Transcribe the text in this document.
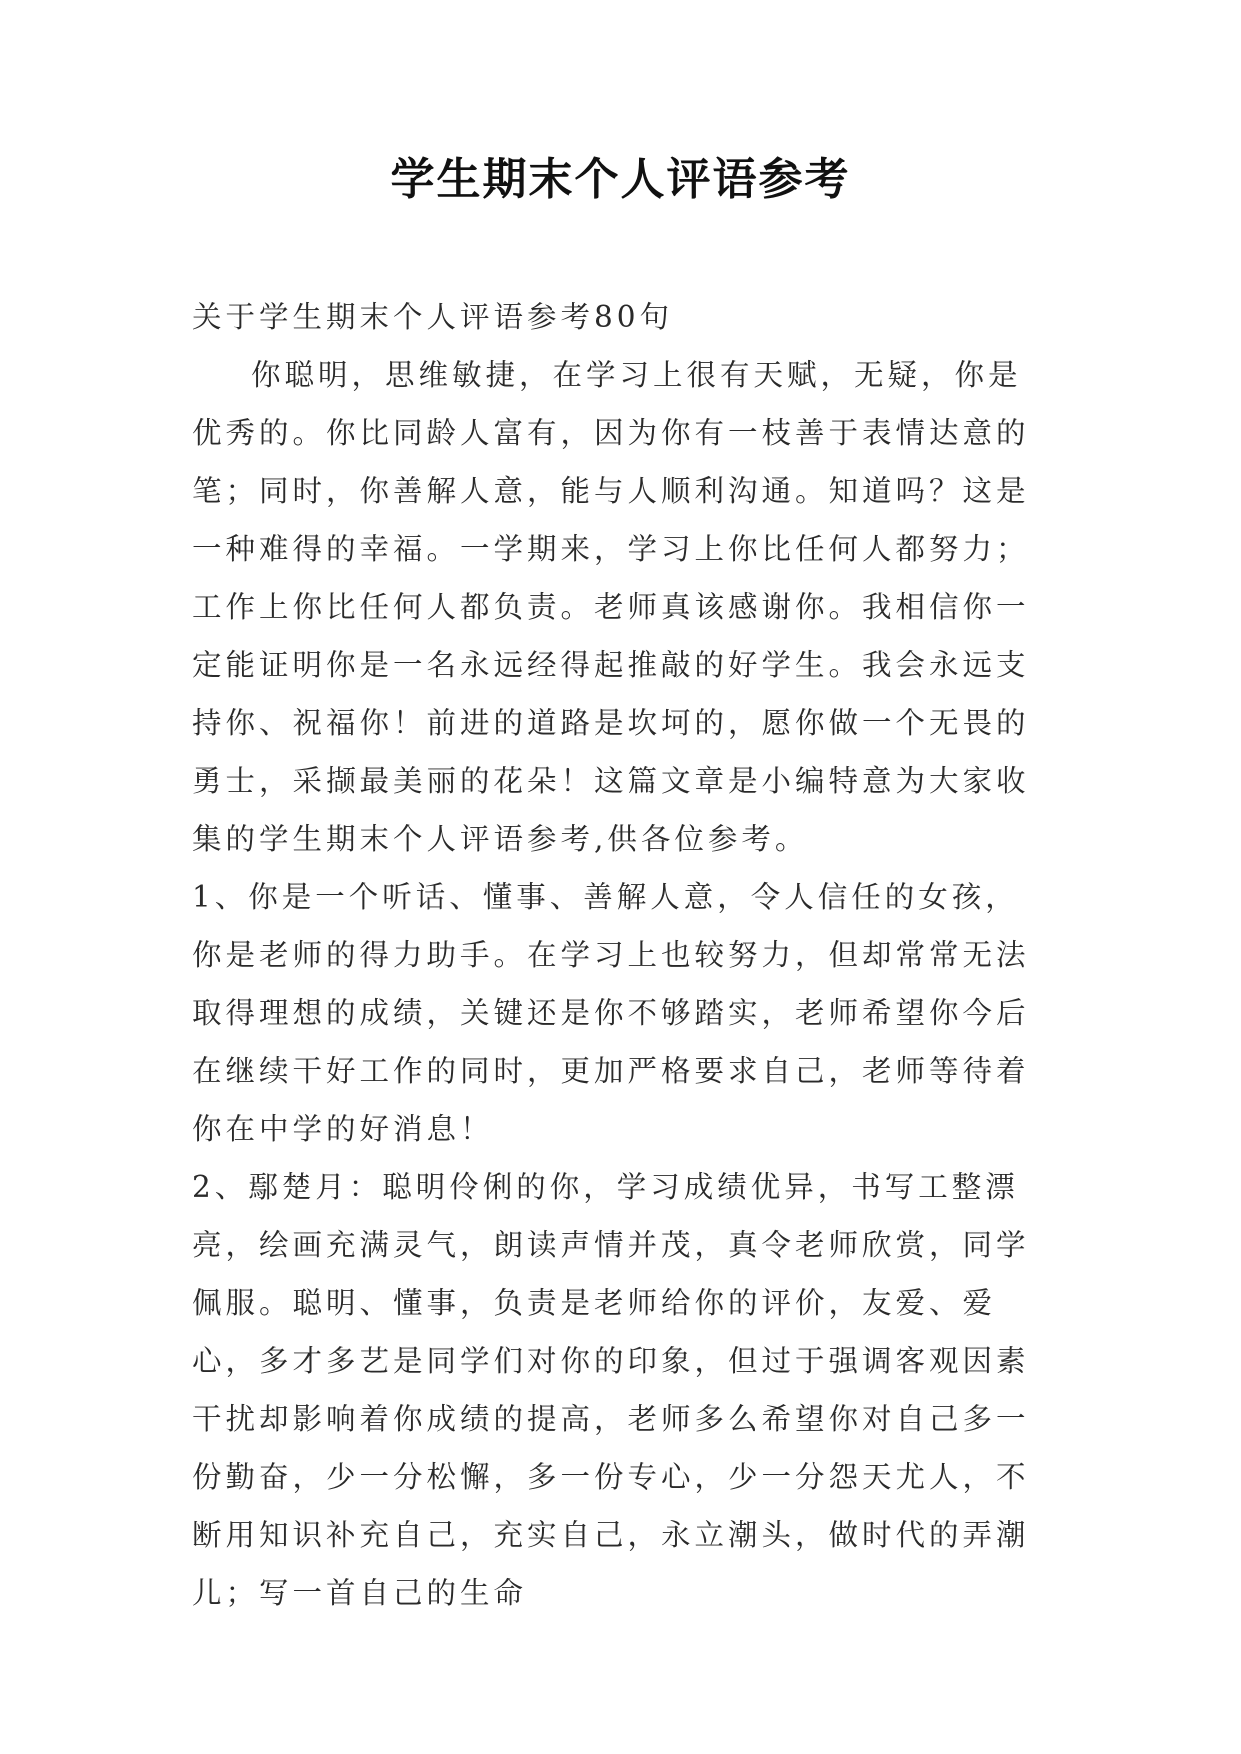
学生期末个人评语参考

关于学生期末个人评语参考80句

你聪明，思维敏捷，在学习上很有天赋，无疑，你是优秀的。你比同龄人富有，因为你有一枝善于表情达意的笔；同时，你善解人意，能与人顺利沟通。知道吗？这是一种难得的幸福。一学期来，学习上你比任何人都努力；工作上你比任何人都负责。老师真该感谢你。我相信你一定能证明你是一名永远经得起推敲的好学生。我会永远支持你、祝福你！前进的道路是坎坷的，愿你做一个无畏的勇士，采撷最美丽的花朵！这篇文章是小编特意为大家收集的学生期末个人评语参考,供各位参考。

1、你是一个听话、懂事、善解人意，令人信任的女孩，你是老师的得力助手。在学习上也较努力，但却常常无法取得理想的成绩，关键还是你不够踏实，老师希望你今后在继续干好工作的同时，更加严格要求自己，老师等待着你在中学的好消息！

2、鄢楚月：聪明伶俐的你，学习成绩优异，书写工整漂亮，绘画充满灵气，朗读声情并茂，真令老师欣赏，同学佩服。聪明、懂事，负责是老师给你的评价，友爱、爱心，多才多艺是同学们对你的印象，但过于强调客观因素干扰却影响着你成绩的提高，老师多么希望你对自己多一份勤奋，少一分松懈，多一份专心，少一分怨天尤人，不断用知识补充自己，充实自己，永立潮头，做时代的弄潮儿；写一首自己的生命
